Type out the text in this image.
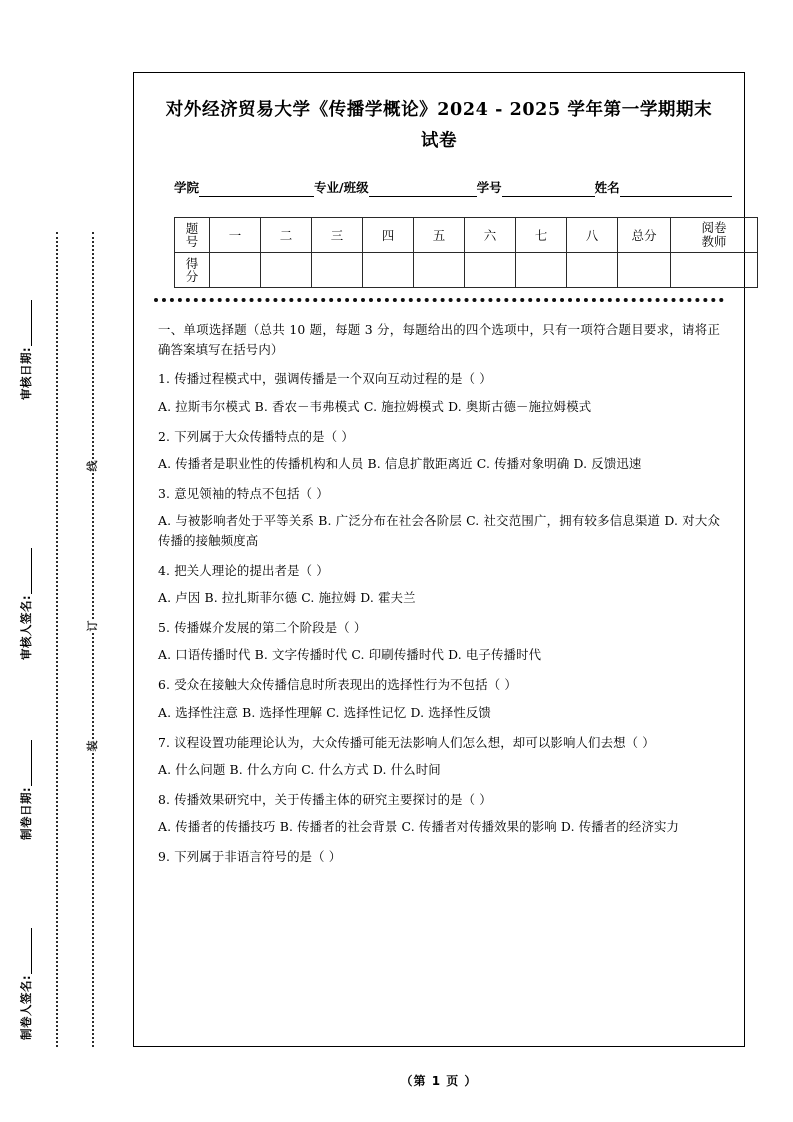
审核日期:
审核人签名:
制卷日期:
制卷人签名:
线
订
装
对外经济贸易大学《传播学概论》2024 - 2025 学年第一学期期末试卷
学院	专业/班级	学号	姓名
题
号	一	二	三	四	五	六	七	八	总分	阅卷
教师

得
分										

一、单项选择题（总共 10 题，每题 3 分，每题给出的四个选项中，只有一项符合题目要求，请将正确答案填写在括号内）
1. 传播过程模式中，强调传播是一个双向互动过程的是（ ）
A. 拉斯韦尔模式 B. 香农－韦弗模式 C. 施拉姆模式 D. 奥斯古德－施拉姆模式
2. 下列属于大众传播特点的是（ ）
A. 传播者是职业性的传播机构和人员 B. 信息扩散距离近 C. 传播对象明确 D. 反馈迅速
3. 意见领袖的特点不包括（ ）
A. 与被影响者处于平等关系 B. 广泛分布在社会各阶层 C. 社交范围广，拥有较多信息渠道 D. 对大众传播的接触频度高
4. 把关人理论的提出者是（ ）
A. 卢因 B. 拉扎斯菲尔德 C. 施拉姆 D. 霍夫兰
5. 传播媒介发展的第二个阶段是（ ）
A. 口语传播时代 B. 文字传播时代 C. 印刷传播时代 D. 电子传播时代
6. 受众在接触大众传播信息时所表现出的选择性行为不包括（ ）
A. 选择性注意 B. 选择性理解 C. 选择性记忆 D. 选择性反馈
7. 议程设置功能理论认为，大众传播可能无法影响人们怎么想，却可以影响人们去想（ ）
A. 什么问题 B. 什么方向 C. 什么方式 D. 什么时间
8. 传播效果研究中，关于传播主体的研究主要探讨的是（ ）
A. 传播者的传播技巧 B. 传播者的社会背景 C. 传播者对传播效果的影响 D. 传播者的经济实力
9. 下列属于非语言符号的是（ ）
（第 1 页 ）
